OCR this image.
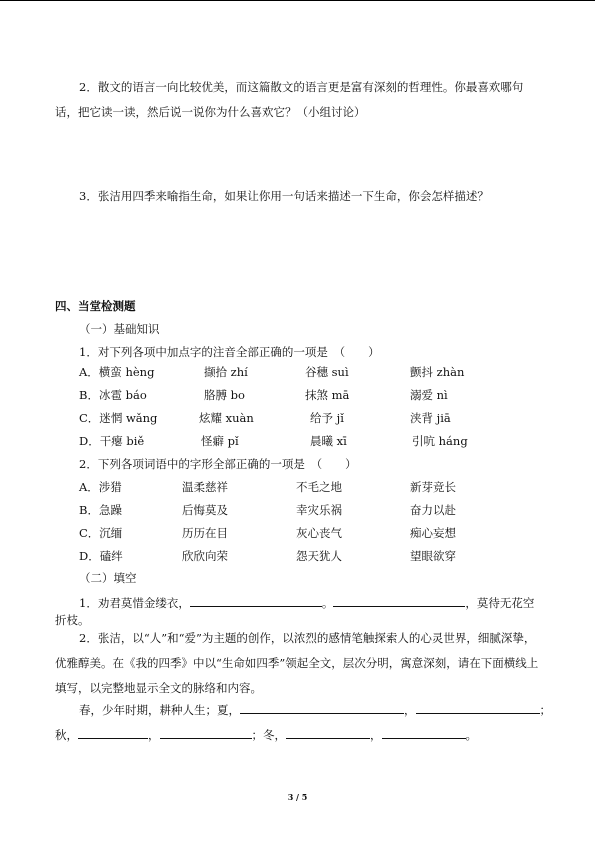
2．散文的语言一向比较优美，而这篇散文的语言更是富有深刻的哲理性。你最喜欢哪句话，把它读一读，然后说一说你为什么喜欢它？（小组讨论）
3．张洁用四季来喻指生命，如果让你用一句话来描述一下生命，你会怎样描述？
四、当堂检测题
（一）基础知识
1．对下列各项中加点字的注音全部正确的一项是　（　　）
A．横蛮 hèng	撷拾 zhí	谷穗 suì	颤抖 zhàn
B．冰雹 báo	胳膊 bo	抹煞 mā	溺爱 nì
C．迷惘 wǎng	炫耀 xuàn	给予 jǐ	浃背 jiā
D．干瘪 biě	怪癖 pǐ	晨曦 xī	引吭 háng
2．下列各项词语中的字形全部正确的一项是　（　　）
A．涉猎	温柔慈祥	不毛之地	新芽竞长
B．急躁	后悔莫及	幸灾乐祸	奋力以赴
C．沉缅	历历在目	灰心丧气	痴心妄想
D．磕绊	欣欣向荣	怨天犹人	望眼欲穿
（二）填空
1．劝君莫惜金缕衣，	。	，莫待无花空
折枝。
2．张洁，以“人”和“爱”为主题的创作，以浓烈的感情笔触探索人的心灵世界，细腻深挚，优雅醇美。在《我的四季》中以“生命如四季”领起全文，层次分明，寓意深刻，请在下面横线上填写，以完整地显示全文的脉络和内容。
春，少年时期，耕种人生；夏，	，	；
秋，	，	；冬，	，	。
3 / 5
